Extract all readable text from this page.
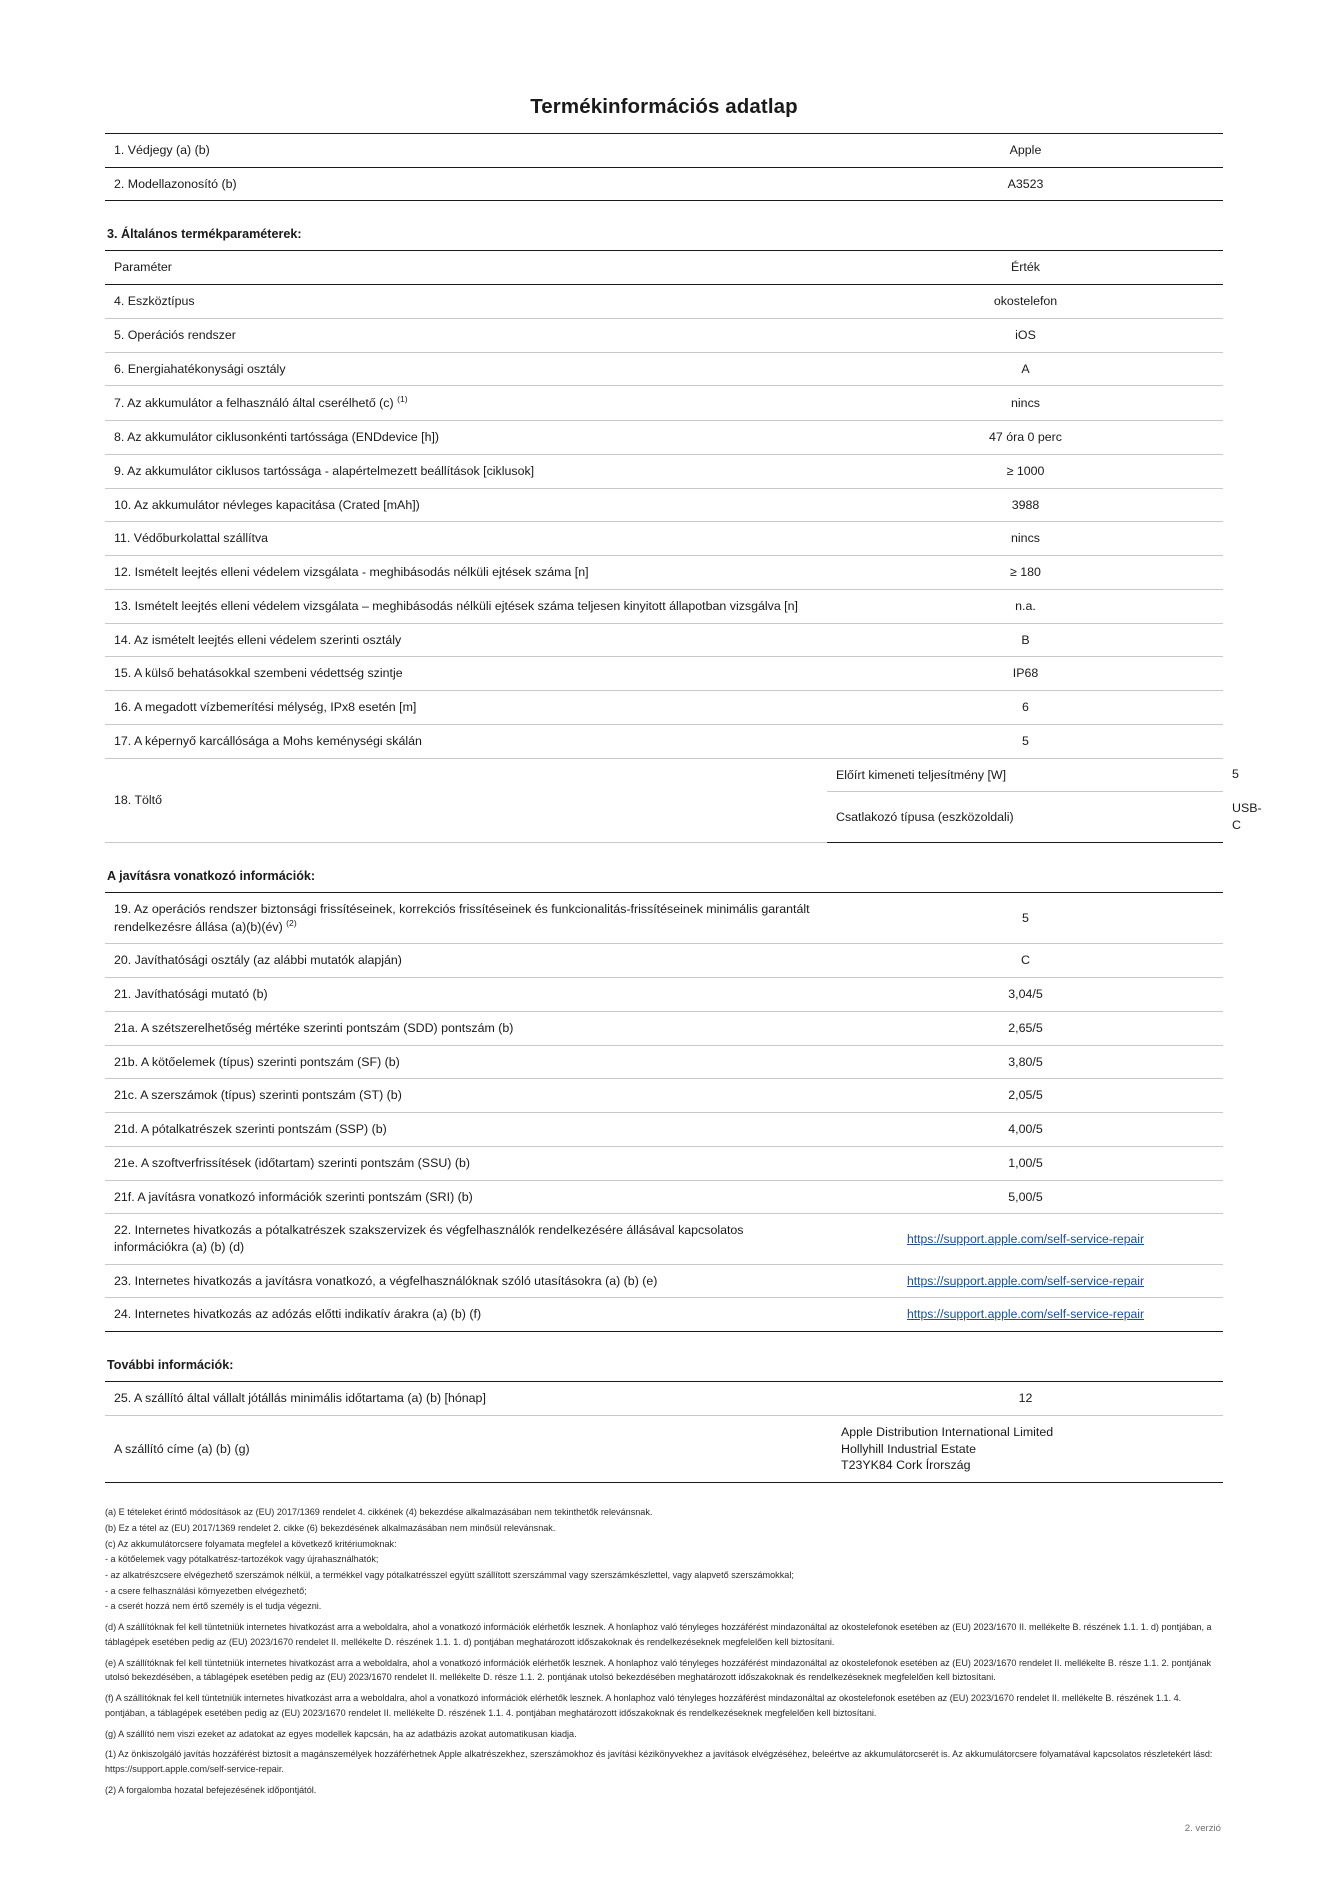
Termékinformációs adatlap
1. Védjegy (a) (b)	Apple
2. Modellazonosító (b)	A3523
3. Általános termékparaméterek:
Paraméter	Érték	
4. Eszköztípus	okostelefon	
5. Operációs rendszer	iOS	
6. Energiahatékonysági osztály	A	
7. Az akkumulátor a felhasználó által cserélhető (c) $^{(1)}$	nincs	
8. Az akkumulátor ciklusonkénti tartóssága (ENDdevice [h])	47 óra 0 perc	
9. Az akkumulátor ciklusos tartóssága - alapértelmezett beállítások [ciklusok]	≥ 1000	
10. Az akkumulátor névleges kapacitása (Crated [mAh])	3988	
11. Védőburkolattal szállítva	nincs	
12. Ismételt leejtés elleni védelem vizsgálata - meghibásodás nélküli ejtések száma [n]	≥ 180	
13. Ismételt leejtés elleni védelem vizsgálata – meghibásodás nélküli ejtések száma teljesen kinyitott állapotban vizsgálva [n]	n.a.	
14. Az ismételt leejtés elleni védelem szerinti osztály	B	
15. A külső behatásokkal szembeni védettség szintje	IP68	
16. A megadott vízbemerítési mélység, IPx8 esetén [m]	6	
17. A képernyő karcállósága a Mohs keménységi skálán	5	
18. Töltő	Előírt kimeneti teljesítmény [W]	5
	Csatlakozó típusa (eszközoldali)	USB-C
A javításra vonatkozó információk:
19. Az operációs rendszer biztonsági frissítéseinek, korrekciós frissítéseinek és funkcionalitás-frissítéseinek minimális garantált rendelkezésre állása (a)(b)(év) $^{(2)}$	5
20. Javíthatósági osztály (az alábbi mutatók alapján)	C
21. Javíthatósági mutató (b)	3,04/5
21a. A szétszerelhetőség mértéke szerinti pontszám (SDD) pontszám (b)	2,65/5
21b. A kötőelemek (típus) szerinti pontszám (SF) (b)	3,80/5
21c. A szerszámok (típus) szerinti pontszám (ST) (b)	2,05/5
21d. A pótalkatrészek szerinti pontszám (SSP) (b)	4,00/5
21e. A szoftverfrissítések (időtartam) szerinti pontszám (SSU) (b)	1,00/5
21f. A javításra vonatkozó információk szerinti pontszám (SRI) (b)	5,00/5
22. Internetes hivatkozás a pótalkatrészek szakszervizek és végfelhasználók rendelkezésére állásával kapcsolatos információkra (a) (b) (d)	https://support.apple.com/self-service-repair
23. Internetes hivatkozás a javításra vonatkozó, a végfelhasználóknak szóló utasításokra (a) (b) (e)	https://support.apple.com/self-service-repair
24. Internetes hivatkozás az adózás előtti indikatív árakra (a) (b) (f)	https://support.apple.com/self-service-repair
További információk:
25. A szállító által vállalt jótállás minimális időtartama (a) (b) [hónap]	12
A szállító címe (a) (b) (g)	Apple Distribution International Limited
Hollyhill Industrial Estate
T23YK84 Cork Írország

(a) E tételeket érintő módosítások az (EU) 2017/1369 rendelet 4. cikkének (4) bekezdése alkalmazásában nem tekinthetők relevánsnak.

(b) Ez a tétel az (EU) 2017/1369 rendelet 2. cikke (6) bekezdésének alkalmazásában nem minősül relevánsnak.

(c) Az akkumulátorcsere folyamata megfelel a következő kritériumoknak:

- a kötőelemek vagy pótalkatrész-tartozékok vagy újrahasználhatók;

- az alkatrészcsere elvégezhető szerszámok nélkül, a termékkel vagy pótalkatrésszel együtt szállított szerszámmal vagy szerszámkészlettel, vagy alapvető szerszámokkal;

- a csere felhasználási környezetben elvégezhető;

- a cserét hozzá nem értő személy is el tudja végezni.

(d) A szállítóknak fel kell tüntetniük internetes hivatkozást arra a weboldalra, ahol a vonatkozó információk elérhetők lesznek. A honlaphoz való tényleges hozzáférést mindazonáltal az okostelefonok esetében az (EU) 2023/1670 II. mellékelte B. részének 1.1. 1. d) pontjában, a táblagépek esetében pedig az (EU) 2023/1670 rendelet II. mellékelte D. részének 1.1. 1. d) pontjában meghatározott időszakoknak és rendelkezéseknek megfelelően kell biztosítani.

(e) A szállítóknak fel kell tüntetniük internetes hivatkozást arra a weboldalra, ahol a vonatkozó információk elérhetők lesznek. A honlaphoz való tényleges hozzáférést mindazonáltal az okostelefonok esetében az (EU) 2023/1670 rendelet II. mellékelte B. része 1.1. 2. pontjának utolsó bekezdésében, a táblagépek esetében pedig az (EU) 2023/1670 rendelet II. mellékelte D. része 1.1. 2. pontjának utolsó bekezdésében meghatározott időszakoknak és rendelkezéseknek megfelelően kell biztosítani.

(f) A szállítóknak fel kell tüntetniük internetes hivatkozást arra a weboldalra, ahol a vonatkozó információk elérhetők lesznek. A honlaphoz való tényleges hozzáférést mindazonáltal az okostelefonok esetében az (EU) 2023/1670 rendelet II. mellékelte B. részének 1.1. 4. pontjában, a táblagépek esetében pedig az (EU) 2023/1670 rendelet II. mellékelte D. részének 1.1. 4. pontjában meghatározott időszakoknak és rendelkezéseknek megfelelően kell biztosítani.

(g) A szállító nem viszi ezeket az adatokat az egyes modellek kapcsán, ha az adatbázis azokat automatikusan kiadja.

(1) Az önkiszolgáló javítás hozzáférést biztosít a magánszemélyek hozzáférhetnek Apple alkatrészekhez, szerszámokhoz és javítási kézikönyvekhez a javítások elvégzéséhez, beleértve az akkumulátorcserét is. Az akkumulátorcsere folyamatával kapcsolatos részletekért lásd: https://support.apple.com/self-service-repair.

(2) A forgalomba hozatal befejezésének időpontjától.

2. verzió
